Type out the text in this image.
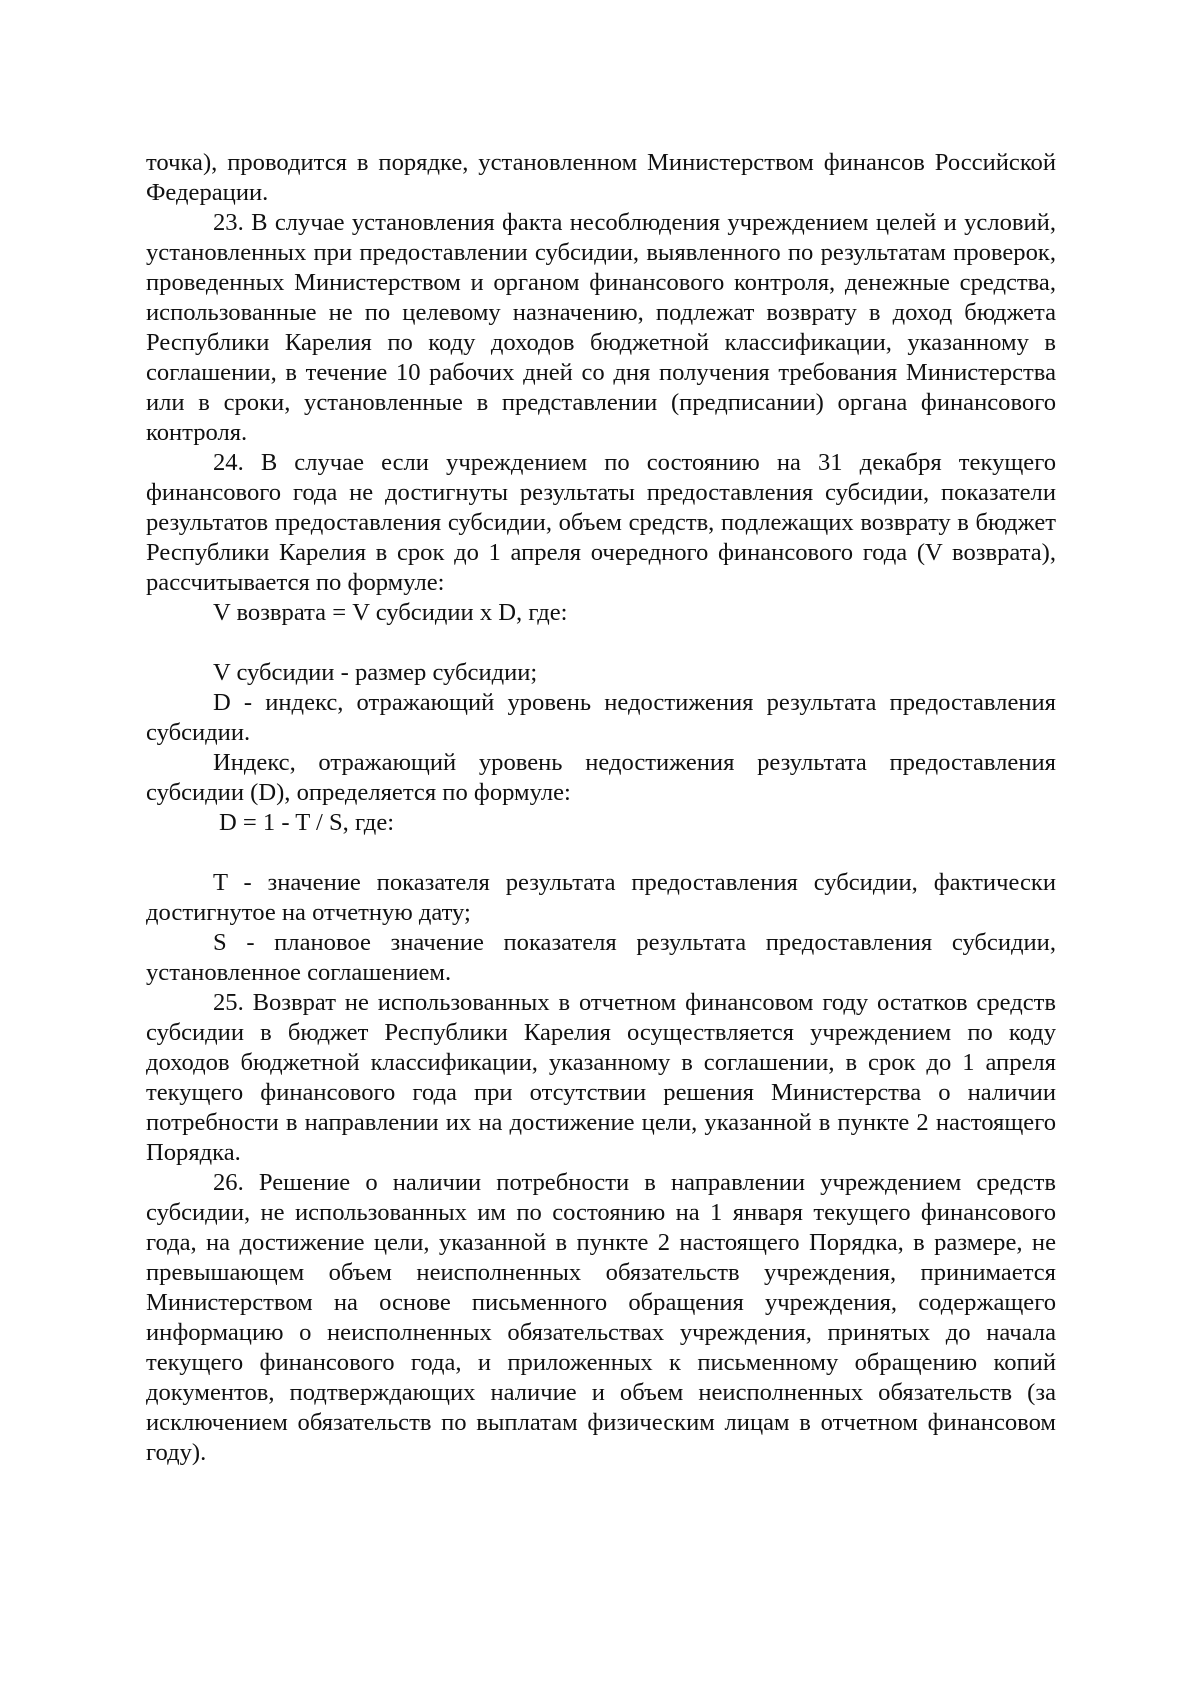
точка), проводится в порядке, установленном Министерством финансов Российской Федерации.

23. В случае установления факта несоблюдения учреждением целей и условий, установленных при предоставлении субсидии, выявленного по результатам проверок, проведенных Министерством и органом финансового контроля, денежные средства, использованные не по целевому назначению, подлежат возврату в доход бюджета Республики Карелия по коду доходов бюджетной классификации, указанному в соглашении, в течение 10 рабочих дней со дня получения требования Министерства или в сроки, установленные в представлении (предписании) органа финансового контроля.

24. В случае если учреждением по состоянию на 31 декабря текущего финансового года не достигнуты результаты предоставления субсидии, показатели результатов предоставления субсидии, объем средств, подлежащих возврату в бюджет Республики Карелия в срок до 1 апреля очередного финансового года (V возврата), рассчитывается по формуле:

V возврата = V субсидии x D, где:

V субсидии - размер субсидии;

D - индекс, отражающий уровень недостижения результата предоставления субсидии.

Индекс, отражающий уровень недостижения результата предоставления субсидии (D), определяется по формуле:

D = 1 - T / S, где:

T - значение показателя результата предоставления субсидии, фактически достигнутое на отчетную дату;

S - плановое значение показателя результата предоставления субсидии, установленное соглашением.

25. Возврат не использованных в отчетном финансовом году остатков средств субсидии в бюджет Республики Карелия осуществляется учреждением по коду доходов бюджетной классификации, указанному в соглашении, в срок до 1 апреля текущего финансового года при отсутствии решения Министерства о наличии потребности в направлении их на достижение цели, указанной в пункте 2 настоящего Порядка.

26. Решение о наличии потребности в направлении учреждением средств субсидии, не использованных им по состоянию на 1 января текущего финансового года, на достижение цели, указанной в пункте 2 настоящего Порядка, в размере, не превышающем объем неисполненных обязательств учреждения, принимается Министерством на основе письменного обращения учреждения, содержащего информацию о неисполненных обязательствах учреждения, принятых до начала текущего финансового года, и приложенных к письменному обращению копий документов, подтверждающих наличие и объем неисполненных обязательств (за исключением обязательств по выплатам физическим лицам в отчетном финансовом году).
